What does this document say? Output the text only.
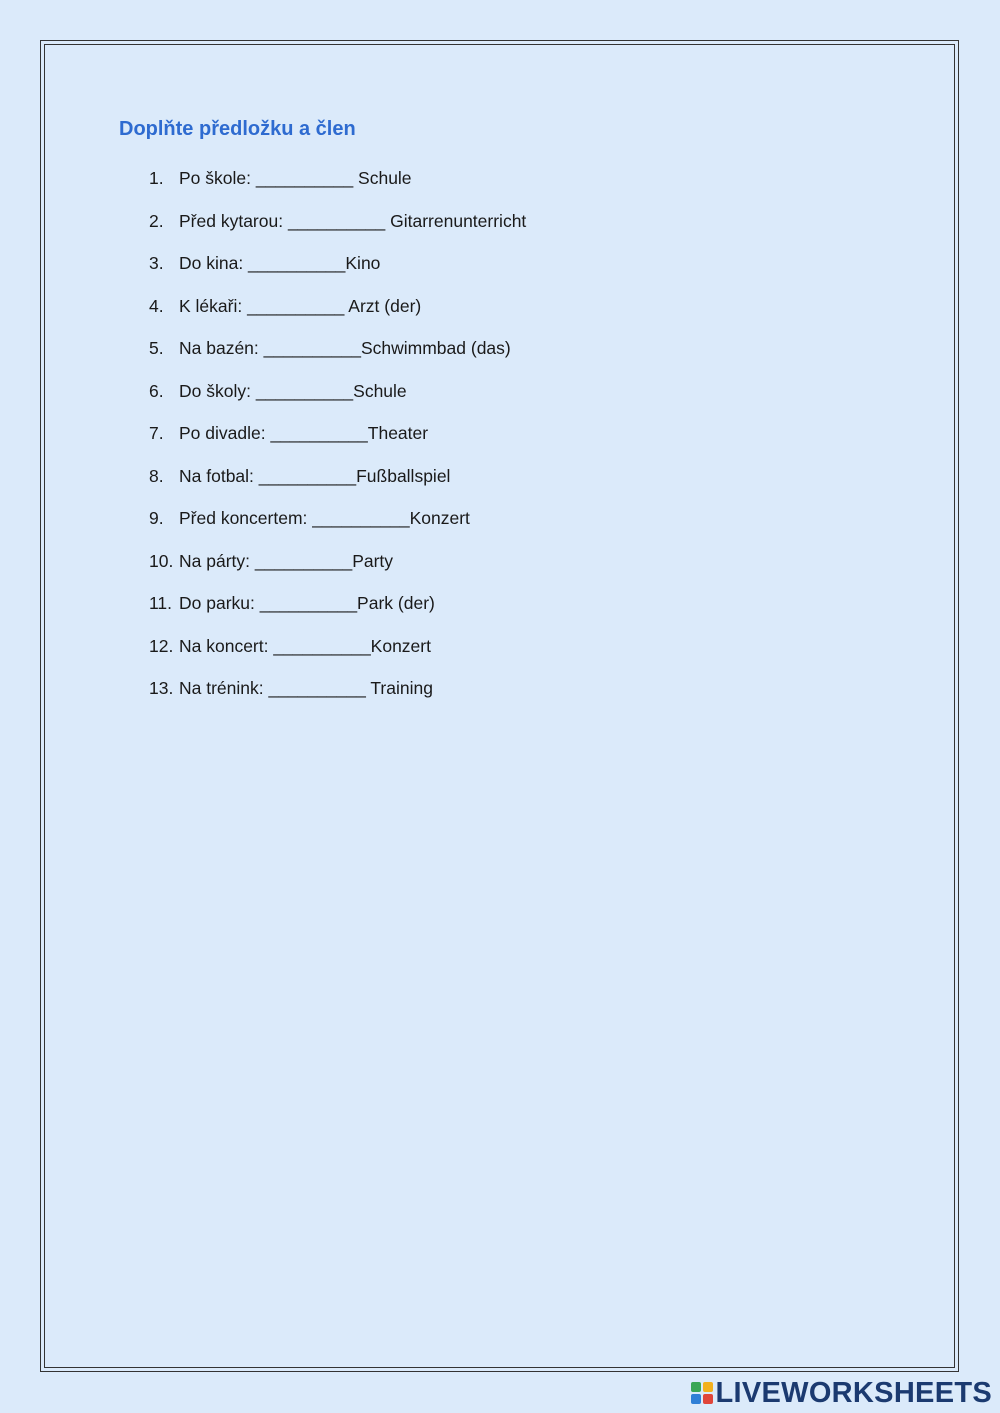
Doplňte předložku a člen
1. Po škole: __________ Schule
2. Před kytarou: __________ Gitarrenunterricht
3. Do kina: __________Kino
4. K lékaři: __________ Arzt (der)
5. Na bazén: __________Schwimmbad (das)
6. Do školy: __________Schule
7. Po divadle: __________Theater
8. Na fotbal: __________Fußballspiel
9. Před koncertem: __________Konzert
10. Na párty: __________Party
11. Do parku: __________Park (der)
12. Na koncert: __________Konzert
13. Na trénink: __________ Training
LIVEWORKSHEETS
